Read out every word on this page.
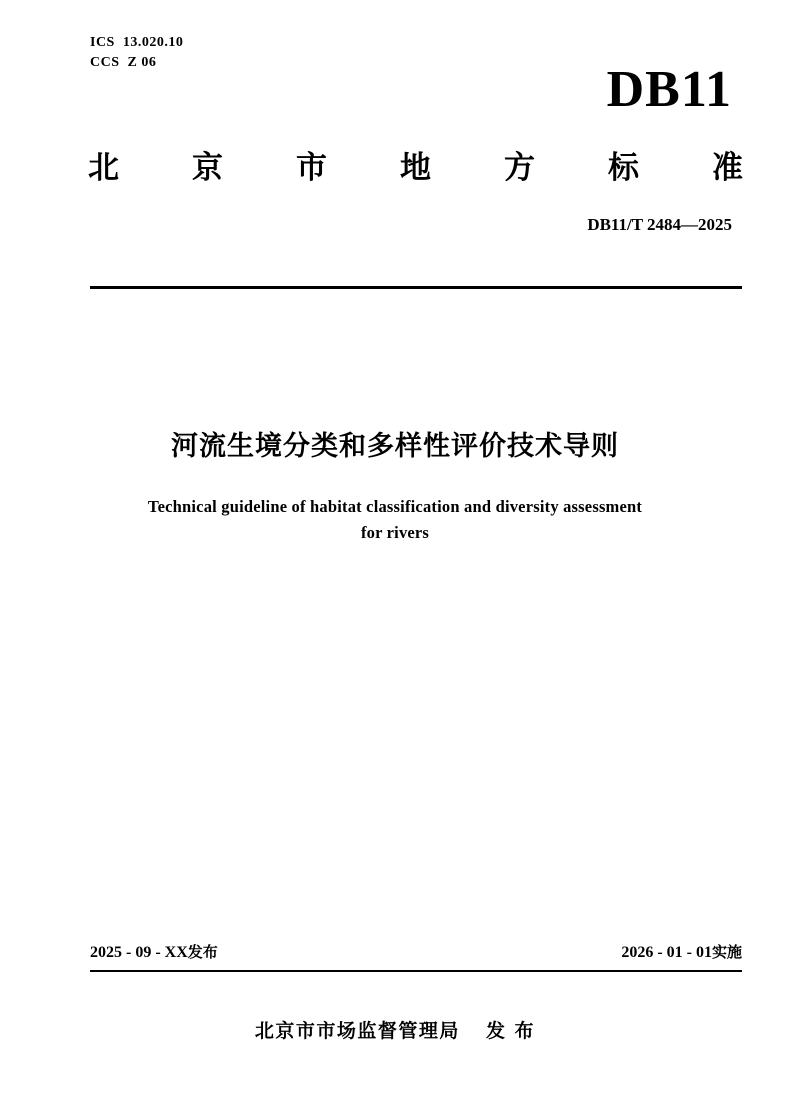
ICS  13.020.10
CCS  Z 06	DB11
北 京 市 地 方 标 准
DB11/T 2484—2025
河流生境分类和多样性评价技术导则
Technical guideline of habitat classification and diversity assessment
for rivers
2025 - 09 - XX发布	2026 - 01 - 01实施
北京市市场监督管理局 发 布
